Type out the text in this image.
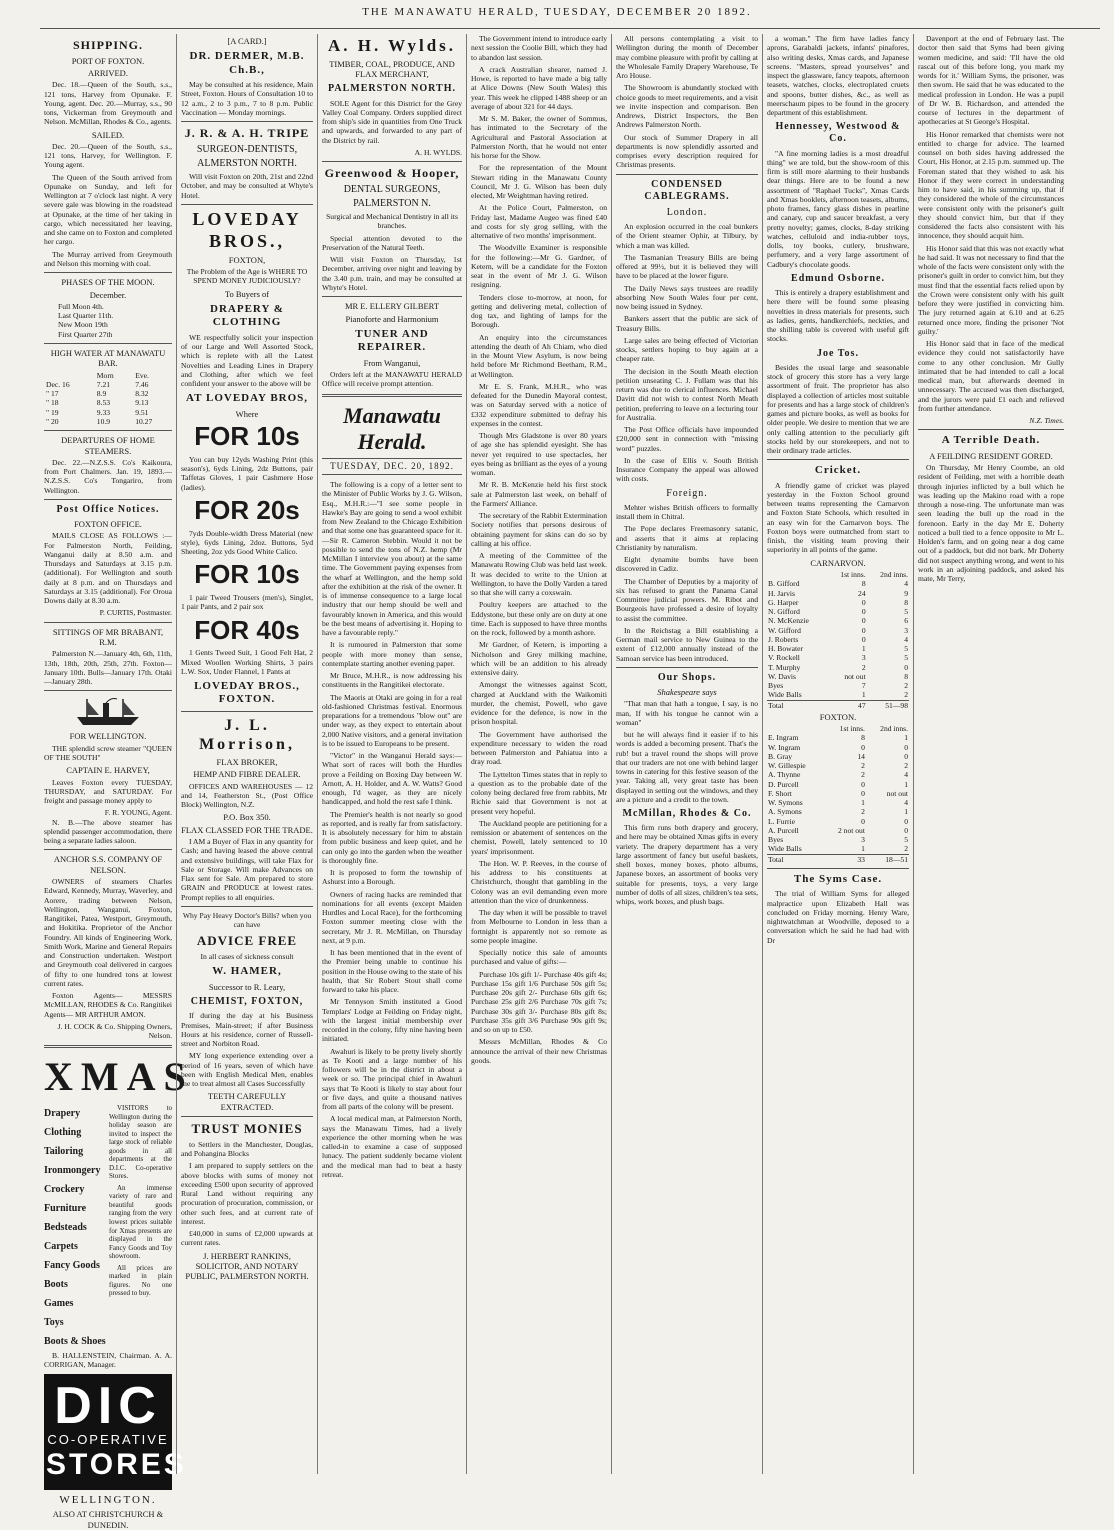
THE MANAWATU HERALD, TUESDAY, DECEMBER 20 1892.
SHIPPING.
PORT OF FOXTON.
ARRIVED.

Dec. 18.—Queen of the South, s.s., 121 tons, Harvey from Opunake. F. Young, agent. Dec. 20.—Murray, s.s., 90 tons, Vickerman from Greymouth and Nelson. McMillan, Rhodes & Co., agents.

SAILED.

Dec. 20.—Queen of the South, s.s., 121 tons, Harvey, for Wellington. F. Young agent.

The Queen of the South arrived from Opunake on Sunday, and left for Wellington at 7 o'clock last night. A very severe gale was blowing in the roadstead at Opunake, at the time of her taking in cargo, which necessitated her leaving, and she came on to Foxton and completed her cargo.

The Murray arrived from Greymouth and Nelson this morning with coal.

PHASES OF THE MOON.
December.
Full Moon 4th.
Last Quarter 11th.
New Moon 19th
First Quarter 27th
HIGH WATER AT MANAWATU BAR.
	Morn	Eve.
Dec. 16	7.21	7.46
" 17	8.9	8.32
" 18	8.53	9.13
" 19	9.33	9.51
" 20	10.9	10.27
DEPARTURES OF HOME STEAMERS.

Dec. 22.—N.Z.S.S. Co's Kaikoura, from Port Chalmers. Jan. 19, 1893.—N.Z.S.S. Co's Tongariro, from Wellington.

Post Office Notices.
FOXTON OFFICE.

MAILS CLOSE AS FOLLOWS :— For Palmerston North, Feilding, Wanganui daily at 8.50 a.m. and Thursdays and Saturdays at 3.15 p.m. (additional). For Wellington and south daily at 8 p.m. and on Thursdays and Saturdays at 3.15 (additional). For Oroua Downs daily at 8.30 a.m.

P. CURTIS, Postmaster.
SITTINGS OF MR BRABANT, R.M.

Palmerston N.—January 4th, 6th, 11th, 13th, 18th, 20th, 25th, 27th. Foxton—January 10th. Bulls—January 17th. Otaki—January 28th.

FOR WELLINGTON.

THE splendid screw steamer "QUEEN OF THE SOUTH"

CAPTAIN E. HARVEY,

Leaves Foxton every TUESDAY, THURSDAY, and SATURDAY. For freight and passage money apply to

F. R. YOUNG, Agent.

N. B.—The above steamer has splendid passenger accommodation, there being a separate ladies saloon.

ANCHOR S.S. COMPANY OF NELSON.

OWNERS of steamers Charles Edward, Kennedy, Murray, Waverley, and Aorere, trading between Nelson, Wellington, Wanganui, Foxton, Rangitikei, Patea, Westport, Greymouth, and Hokitika. Proprietor of the Anchor Foundry. All kinds of Engineering Work, Smith Work, Marine and General Repairs and Construction undertaken. Westport and Greymouth coal delivered in cargoes of fifty to one hundred tons at lowest current rates.

Foxton Agents— MESSRS McMILLAN, RHODES & Co. Rangitikei Agents— MR ARTHUR AMON.

J. H. COCK & Co. Shipping Owners, Nelson.
XMAS
Drapery
Clothing
Tailoring
Ironmongery
Crockery
Furniture
Bedsteads
Carpets
Fancy Goods
Boots
Games
Toys
Boots & Shoes

VISITORS to Wellington during the holiday season are invited to inspect the large stock of reliable goods in all departments at the D.I.C. Co-operative Stores.

An immense variety of rare and beautiful goods ranging from the very lowest prices suitable for Xmas presents are displayed in the Fancy Goods and Toy showroom.

All prices are marked in plain figures. No one pressed to buy.

B. HALLENSTEIN, Chairman. A. A. CORRIGAN, Manager.

DIC
CO-OPERATIVE
STORES
WELLINGTON.
ALSO AT CHRISTCHURCH & DUNEDIN.
[A CARD.]
DR. DERMER, M.B. Ch.B.,

May be consulted at his residence, Main Street, Foxton. Hours of Consultation 10 to 12 a.m., 2 to 3 p.m., 7 to 8 p.m. Public Vaccination — Monday mornings.

J. R. & A. H. TRIPE
SURGEON-DENTISTS,
ALMERSTON NORTH.

Will visit Foxton on 20th, 21st and 22nd October, and may be consulted at Whyte's Hotel.

LOVEDAY BROS.,
FOXTON,

The Problem of the Age is WHERE TO SPEND MONEY JUDICIOUSLY?

To Buyers of
DRAPERY & CLOTHING

WE respectfully solicit your inspection of our Large and Well Assorted Stock, which is replete with all the Latest Novelties and Leading Lines in Drapery and Clothing, after which we feel confident your answer to the above will be

AT LOVEDAY BROS,
Where
FOR 10s

You can buy 12yds Washing Print (this season's), 6yds Lining, 2dz Buttons, pair Taffetas Gloves, 1 pair Cashmere Hose (ladies).

FOR 20s

7yds Double-width Dress Material (new style), 6yds Lining, 2doz. Buttons, 5yd Sheeting, 2oz yds Good White Calico.

FOR 10s

1 pair Tweed Trousers (men's), Singlet, 1 pair Pants, and 2 pair sox

FOR 40s

1 Gents Tweed Suit, 1 Good Felt Hat, 2 Mixed Woollen Working Shirts, 3 pairs L.W. Sox, Under Flannel, 1 Pants at

LOVEDAY BROS., FOXTON.
J. L. Morrison,
FLAX BROKER,
HEMP AND FIBRE DEALER.

OFFICES AND WAREHOUSES — 12 and 14, Featherston St., (Post Office Block) Wellington, N.Z.

P.O. Box 350.
FLAX CLASSED FOR THE TRADE.

I AM a Buyer of Flax in any quantity for Cash; and having leased the above central and extensive buildings, will take Flax for Sale or Storage. Will make Advances on Flax sent for Sale. Am prepared to store GRAIN and PRODUCE at lowest rates. Prompt replies to all enquiries.

Why Pay Heavy Doctor's Bills? when you can have

ADVICE FREE

In all cases of sickness consult

W. HAMER,
Successor to R. Leary,
CHEMIST, FOXTON,

If during the day at his Business Premises, Main-street; if after Business Hours at his residence, corner of Russell-street and Norbiton Road.

MY long experience extending over a period of 16 years, seven of which have been with English Medical Men, enables me to treat almost all Cases Successfully

TEETH CAREFULLY EXTRACTED.
TRUST MONIES

to Settlers in the Manchester, Douglas, and Pohangina Blocks

I am prepared to supply settlers on the above blocks with sums of money not exceeding £500 upon security of approved Rural Land without requiring any procuration of procuration, commission, or other such fees, and at current rate of interest.

£40,000 in sums of £2,000 upwards at current rates.

J. HERBERT RANKINS, SOLICITOR, AND NOTARY PUBLIC, PALMERSTON NORTH.
A. H. Wylds.
TIMBER, COAL, PRODUCE, AND FLAX MERCHANT,
PALMERSTON NORTH.

SOLE Agent for this District for the Grey Valley Coal Company. Orders supplied direct from ship's side in quantities from One Truck and upwards, and forwarded to any part of the District by rail.

A. H. WYLDS.
Greenwood & Hooper,
DENTAL SURGEONS,
PALMERSTON N.

Surgical and Mechanical Dentistry in all its branches.

Special attention devoted to the Preservation of the Natural Teeth.

Will visit Foxton on Thursday, 1st December, arriving over night and leaving by the 3.40 p.m. train, and may be consulted at Whyte's Hotel.

MR E. ELLERY GILBERT
Pianoforte and Harmonium
TUNER AND REPAIRER.
From Wanganui,

Orders left at the MANAWATU HERALD Office will receive prompt attention.

Manawatu Herald.
TUESDAY, DEC. 20, 1892.

The following is a copy of a letter sent to the Minister of Public Works by J. G. Wilson, Esq., M.H.R.:—"I see some people in Hawke's Bay are going to send a wool exhibit from New Zealand to the Chicago Exhibition and that some one has guaranteed space for it.—Sir R. Cameron Stebbin. Would it not be possible to send the tons of N.Z. hemp (Mr McMillan I interview you about) at the same time. The Government paying expenses from the wharf at Wellington, and the hemp sold after the exhibition at the risk of the owner. It is of immense consequence to a large local industry that our hemp should be well and favourably known in America, and this would be the best means of advertising it. Hoping to have a favourable reply."

It is rumoured in Palmerston that some people with more money than sense, contemplate starting another evening paper.

Mr Bruce, M.H.R., is now addressing his constituents in the Rangitikei electorate.

The Maoris at Otaki are going in for a real old-fashioned Christmas festival. Enormous preparations for a tremendous "blow out" are under way, as they expect to entertain about 2,000 Native visitors, and a general invitation is to be issued to Europeans to be present.

"Victor" in the Wanganui Herald says:—What sort of races will both the Hurdles prove a Feilding on Boxing Day between W. Arnott, A. H. Holder, and A. W. Watts? Good enough, I'd wager, as they are nicely handicapped, and hold the rest safe I think.

The Premier's health is not nearly so good as reported, and is really far from satisfactory. It is absolutely necessary for him to abstain from public business and keep quiet, and he can only go into the garden when the weather is thoroughly fine.

It is proposed to form the township of Ashurst into a Borough.

Owners of racing hacks are reminded that nominations for all events (except Maiden Hurdles and Local Race), for the forthcoming Foxton summer meeting close with the secretary, Mr J. R. McMillan, on Thursday next, at 9 p.m.

It has been mentioned that in the event of the Premier being unable to continue his position in the House owing to the state of his health, that Sir Robert Stout shall come forward to take his place.

Mr Tennyson Smith instituted a Good Templars' Lodge at Feilding on Friday night, with the largest initial membership ever recorded in the colony, fifty nine having been initiated.

Awahuri is likely to be pretty lively shortly as Te Kooti and a large number of his followers will be in the district in about a week or so. The principal chief in Awahuri says that Te Kooti is likely to stay about four or five days, and quite a thousand natives from all parts of the colony will be present.

A local medical man, at Palmerston North, says the Manawatu Times, had a lively experience the other morning when he was called-in to examine a case of supposed lunacy. The patient suddenly became violent and the medical man had to beat a hasty retreat.

The Government intend to introduce early next session the Coolie Bill, which they had to abandon last session.

A crack Australian shearer, named J. Howe, is reported to have made a big tally at Alice Downs (New South Wales) this year. This week he clipped 1488 sheep or an average of about 321 for 44 days.

Mr S. M. Baker, the owner of Sommus, has intimated to the Secretary of the Agricultural and Pastoral Association at Palmerston North, that he would not enter his horse for the Show.

For the representation of the Mount Stewart riding in the Manawatu County Council, Mr J. G. Wilson has been duly elected, Mr Weightman having retired.

At the Police Court, Palmerston, on Friday last, Madame Augeo was fined £40 and costs for sly grog selling, with the alternative of two months' imprisonment.

The Woodville Examiner is responsible for the following:—Mr G. Gardner, of Ketern, will be a candidate for the Foxton seat in the event of Mr J. G. Wilson resigning.

Tenders close to-morrow, at noon, for getting and delivering metal, collection of dog tax, and lighting of lamps for the Borough.

An enquiry into the circumstances attending the death of Ah Chiam, who died in the Mount View Asylum, is now being held before Mr Richmond Beetham, R.M., at Wellington.

Mr E. S. Frank, M.H.R., who was defeated for the Dunedin Mayoral contest, was on Saturday served with a notice of £332 expenditure submitted to defray his expenses in the contest.

Though Mrs Gladstone is over 80 years of age she has splendid eyesight. She has never yet required to use spectacles, her eyes being as brilliant as the eyes of a young woman.

Mr R. B. McKenzie held his first stock sale at Palmerston last week, on behalf of the Farmers' Alliance.

The secretary of the Rabbit Extermination Society notifies that persons desirous of obtaining payment for skins can do so by calling at his office.

A meeting of the Committee of the Manawatu Rowing Club was held last week. It was decided to write to the Union at Wellington, to have the Dolly Varden a tared so that she will carry a coxswain.

Poultry keepers are attached to the Eddystone, but these only are on duty at one time. Each is supposed to have three months on the rock, followed by a month ashore.

Mr Gardner, of Ketern, is importing a Nicholson and Grey milking machine, which will be an addition to his already extensive dairy.

Amongst the witnesses against Scott, charged at Auckland with the Waikomiti murder, the chemist, Powell, who gave evidence for the defence, is now in the prison hospital.

The Government have authorised the expenditure necessary to widen the road between Palmerston and Pahiatua into a dray road.

The Lyttelton Times states that in reply to a question as to the probable date of the colony being declared free from rabbits, Mr Richie said that Government is not at present very hopeful.

The Auckland people are petitioning for a remission or abatement of sentences on the chemist, Powell, lately sentenced to 10 years' imprisonment.

The Hon. W. P. Reeves, in the course of his address to his constituents at Christchurch, thought that gambling in the Colony was an evil demanding even more attention than the vice of drunkenness.

The day when it will be possible to travel from Melbourne to London in less than a fortnight is apparently not so remote as some people imagine.

Specially notice this sale of amounts purchased and value of gifts:—

Purchase 10s gift 1/- Purchase 40s gift 4s; Purchase 15s gift 1/6 Purchase 50s gift 5s; Purchase 20s gift 2/- Purchase 60s gift 6s; Purchase 25s gift 2/6 Purchase 70s gift 7s; Purchase 30s gift 3/- Purchase 80s gift 8s; Purchase 35s gift 3/6 Purchase 90s gift 9s; and so on up to £50.

Messrs McMillan, Rhodes & Co announce the arrival of their new Christmas goods.

All persons contemplating a visit to Wellington during the month of December may combine pleasure with profit by calling at the Wholesale Family Drapery Warehouse, Te Aro House.

The Showroom is abundantly stocked with choice goods to meet requirements, and a visit we invite inspection and comparison. Ben Andrews, District Inspectors, the Ben Andrews Palmerston North.

Our stock of Summer Drapery in all departments is now splendidly assorted and comprises every description required for Christmas presents.

CONDENSED CABLEGRAMS.
London.

An explosion occurred in the coal bunkers of the Orient steamer Ophir, at Tilbury, by which a man was killed.

The Tasmanian Treasury Bills are being offered at 99½, but it is believed they will have to be placed at the lower figure.

The Daily News says trustees are readily absorbing New South Wales four per cent, now being issued in Sydney.

Bankers assert that the public are sick of Treasury Bills.

Large sales are being effected of Victorian stocks, settlers hoping to buy again at a cheaper rate.

The decision in the South Meath election petition unseating C. J. Fullam was that his return was due to clerical influences. Michael Davitt did not wish to contest North Meath petition, preferring to leave on a lecturing tour for Australia.

The Post Office officials have impounded £20,000 sent in connection with "missing word" puzzles.

In the case of Ellis v. South British Insurance Company the appeal was allowed with costs.

Foreign.

Mehter wishes British officers to formally install them in Chitral.

The Pope declares Freemasonry satanic, and asserts that it aims at replacing Christianity by naturalism.

Eight dynamite bombs have been discovered in Cadiz.

The Chamber of Deputies by a majority of six has refused to grant the Panama Canal Committee judicial powers. M. Ribot and Bourgeois have professed a desire of loyalty to assist the committee.

In the Reichstag a Bill establishing a German mail service to New Guinea to the extent of £12,000 annually instead of the Samoan service has been introduced.

Our Shops.
Shakespeare says

"That man that hath a tongue, I say, is no man, If with his tongue he cannot win a woman"

but he will always find it easier if to his words is added a becoming present. That's the rub! but a travel round the shops will prove that our traders are not one with behind larger towns in catering for this festive season of the year. Taking all, very great taste has been displayed in setting out the windows, and they are a picture and a credit to the town.

McMillan, Rhodes & Co.

This firm runs both drapery and grocery, and here may be obtained Xmas gifts in every variety. The drapery department has a very large assortment of fancy but useful baskets, shell boxes, money boxes, photo albums, Japanese boxes, an assortment of books very suitable for presents, toys, a very large number of dolls of all sizes, children's tea sets, whips, work boxes, and plush bags.

a woman." The firm have ladies fancy aprons, Garabaldi jackets, infants' pinafores, also writing desks, Xmas cards, and Japanese screens. "Masters, spread yourselves" and inspect the glassware, fancy teapots, afternoon teasets, watches, clocks, electroplated cruets and spoons, butter dishes, &c., as well as meerschaum pipes to be found in the grocery department of this establishment.

Hennessey, Westwood & Co.

"A fine morning ladies is a most dreadful thing" we are told, but the show-room of this firm is still more alarming to their husbands dear things. Here are to be found a new assortment of "Raphael Tucks", Xmas Cards and Xmas booklets, afternoon teasets, albums, photo frames, fancy glass dishes in pearline and canary, cup and saucer breakfast, a very pretty novelty; games, clocks, 8-day striking watches, celluloid and india-rubber toys, dolls, toy books, cutlery, brushware, perfumery, and a very large assortment of Cadbury's chocolate goods.

Edmund Osborne.

This is entirely a drapery establishment and here there will be found some pleasing novelties in dress materials for presents, such as ladies, gents, handkerchiefs, neckties, and the shilling table is covered with useful gift stocks.

Joe Tos.

Besides the usual large and seasonable stock of grocery this store has a very large assortment of fruit. The proprietor has also displayed a collection of articles most suitable for presents and has a large stock of children's games and picture books, as well as books for older people. We desire to mention that we are only calling attention to the peculiarly gift stocks held by our storekeepers, and not to their ordinary trade articles.

Cricket.

A friendly game of cricket was played yesterday in the Foxton School ground between teams representing the Carnarvon and Foxton State Schools, which resulted in an easy win for the Carnarvon boys. The Foxton boys were outmatched from start to finish, the visiting team proving their superiority in all points of the game.

CARNARVON.
	1st inns.	2nd inns.
B. Gifford	8	4
H. Jarvis	24	9
G. Harper	0	8
N. Gifford	0	5
N. McKenzie	0	6
W. Gifford	0	3
J. Roberts	0	4
H. Bowater	1	5
V. Rockell	3	5
T. Murphy	2	0
W. Davis	not out	8
Byes	7	2
Wide Balls	1	2
Total	47	51—98
FOXTON.
	1st inns.	2nd inns.
E. Ingram	8	1
W. Ingram	0	0
B. Gray	14	0
W. Gillespie	2	2
A. Thynne	2	4
D. Purcell	0	1
F. Short	0	not out
W. Symons	1	4
A. Symons	2	1
L. Furrie	0	0
A. Purcell	2 not out	0
Byes	3	5
Wide Balls	1	2
Total	33	18—51
The Syms Case.

The trial of William Syms for alleged malpractice upon Elizabeth Hall was concluded on Friday morning. Henry Ware, nightwatchman at Woodville, deposed to a conversation which he said he had had with Dr

Davenport at the end of February last. The doctor then said that Syms had been giving women medicine, and said: 'I'll have the old rascal out of this before long, you mark my words for it.' William Syms, the prisoner, was then sworn. He said that he was educated to the medical profession in London. He was a pupil of Dr W. B. Richardson, and attended the course of lectures in the department of apothecaries at St George's Hospital.

His Honor remarked that chemists were not entitled to charge for advice. The learned counsel on both sides having addressed the Court, His Honor, at 2.15 p.m. summed up. The Foreman stated that they wished to ask his Honor if they were correct in understanding him to have said, in his summing up, that if they considered the whole of the circumstances were consistent only with the prisoner's guilt they should convict him, but that if they considered the facts also consistent with his innocence, they should acquit him.

His Honor said that this was not exactly what he had said. It was not necessary to find that the whole of the facts were consistent only with the prisoner's guilt in order to convict him, but they must find that the essential facts relied upon by the Crown were consistent only with his guilt before they were justified in convicting him. The jury returned again at 6.10 and at 6.25 returned once more, finding the prisoner 'Not guilty.'

His Honor said that in face of the medical evidence they could not satisfactorily have come to any other conclusion. Mr Gully intimated that he had intended to call a local medical man, but afterwards deemed in unnecessary. The accused was then discharged, and the jurors were paid £1 each and relieved from further attendance.

N.Z. Times.
A Terrible Death.
A FEILDING RESIDENT GORED.

On Thursday, Mr Henry Coombe, an old resident of Feilding, met with a horrible death through injuries inflicted by a bull which he was leading up the Makino road with a rope through a nose-ring. The unfortunate man was seen leading the bull up the road in the forenoon. Early in the day Mr E. Doherty noticed a bull tied to a fence opposite to Mr L. Holden's farm, and on going near a dog came out of a paddock, but did not bark. Mr Doherty did not suspect anything wrong, and went to his work in an adjoining paddock, and asked his mate, Mr Terry,
